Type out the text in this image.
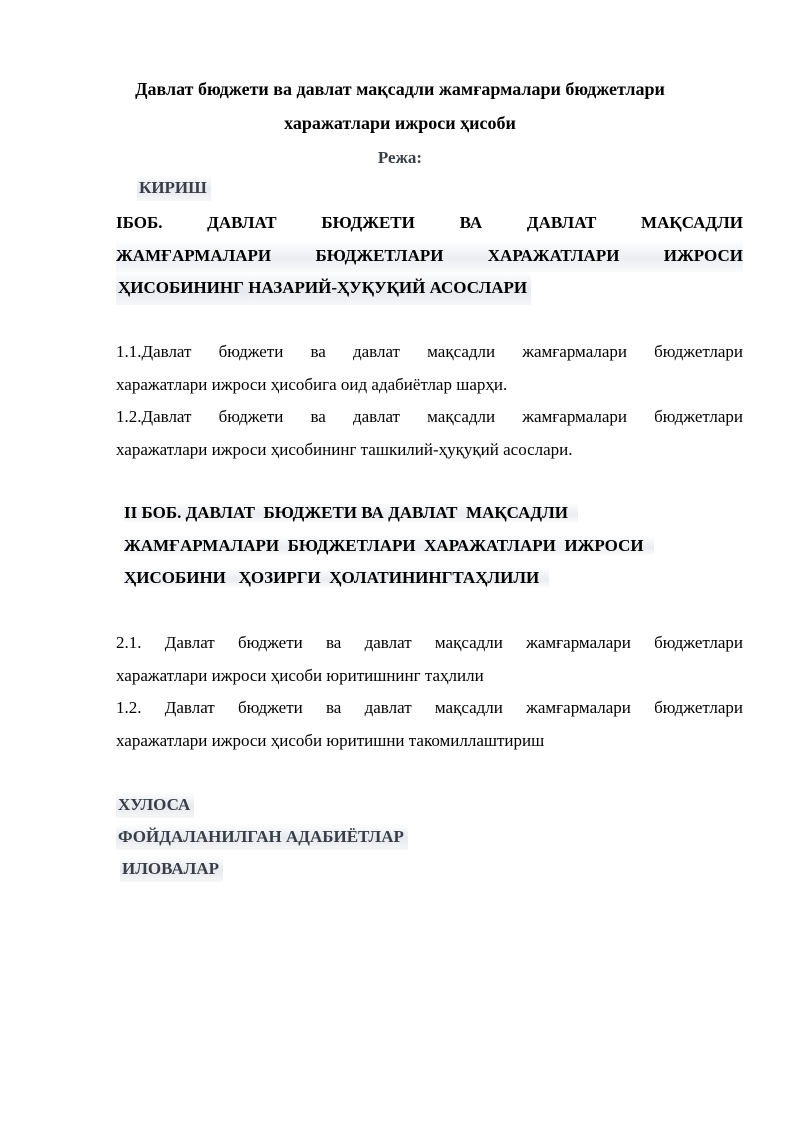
Давлат бюджети ва давлат мақсадли жамғармалари бюджетлари
харажатлари ижроси ҳисоби
Режа:
КИРИШ
IБОБ. ДАВЛАТ БЮДЖЕТИ ВА ДАВЛАТ МАҚСАДЛИ
ЖАМҒАРМАЛАРИ БЮДЖЕТЛАРИ ХАРАЖАТЛАРИ ИЖРОСИ
ҲИСОБИНИНГ НАЗАРИЙ-ҲУҚУҚИЙ АСОСЛАРИ
1.1.Давлат бюджети ва давлат мақсадли жамғармалари бюджетлари
харажатлари ижроси ҳисобига оид адабиётлар шарҳи.
1.2.Давлат бюджети ва давлат мақсадли жамғармалари бюджетлари
харажатлари ижроси ҳисобининг ташкилий-ҳуқуқий асослари.
II БОБ. ДАВЛАТ  БЮДЖЕТИ ВА ДАВЛАТ  МАҚСАДЛИ
ЖАМҒАРМАЛАРИ  БЮДЖЕТЛАРИ  ХАРАЖАТЛАРИ  ИЖРОСИ
ҲИСОБИНИ   ҲОЗИРГИ  ҲОЛАТИНИНГТАҲЛИЛИ
2.1. Давлат бюджети ва давлат мақсадли жамғармалари бюджетлари
харажатлари ижроси ҳисоби юритишнинг таҳлили
1.2. Давлат бюджети ва давлат мақсадли жамғармалари бюджетлари
харажатлари ижроси ҳисоби юритишни такомиллаштириш
ХУЛОСА
ФОЙДАЛАНИЛГАН АДАБИЁТЛАР
ИЛОВАЛАР
